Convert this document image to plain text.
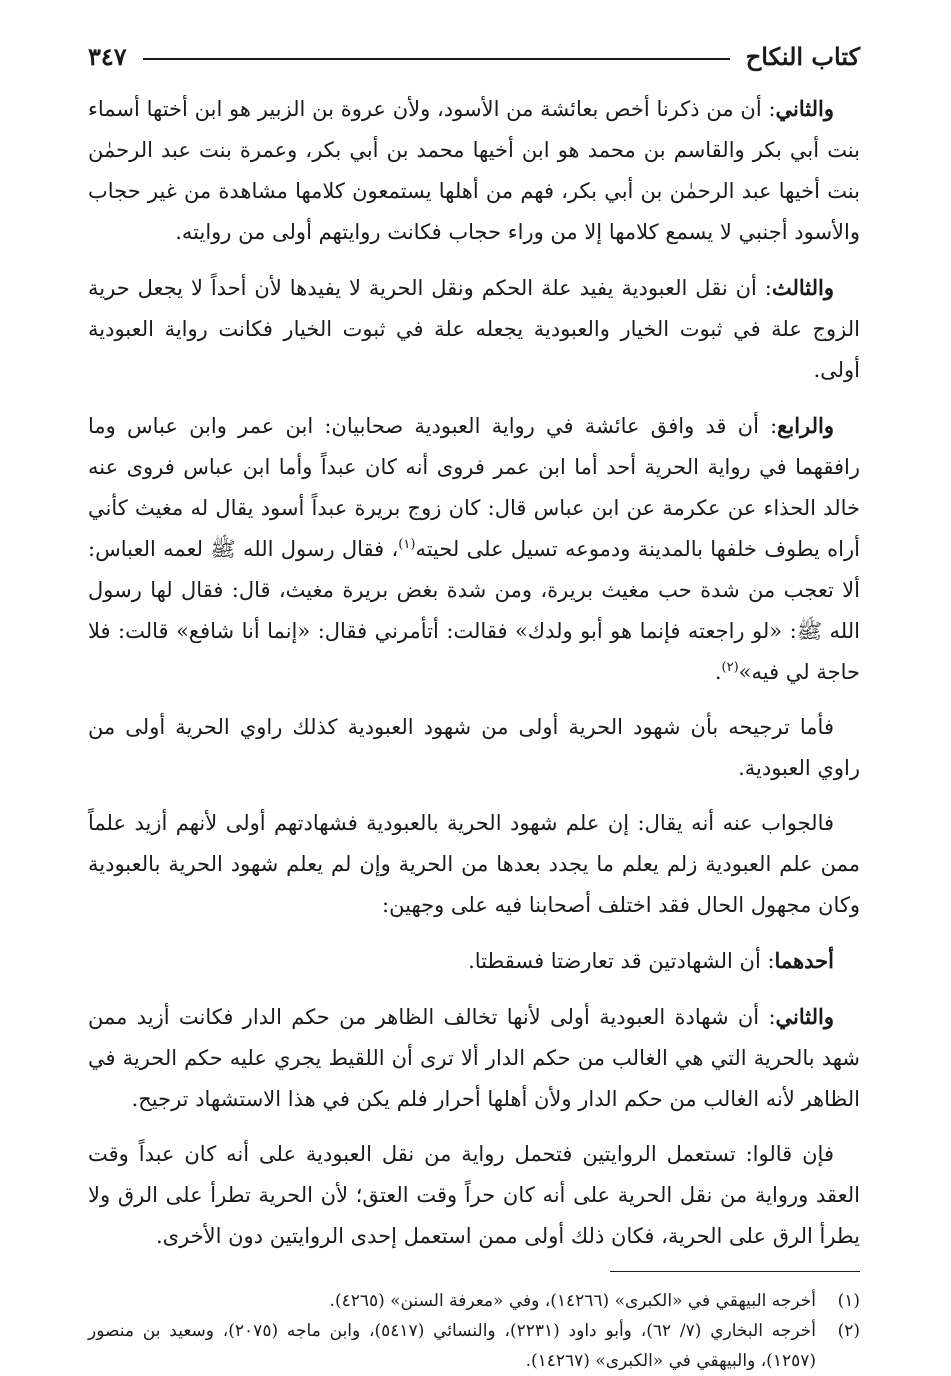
كتاب النكاح
٣٤٧

والثاني: أن من ذكرنا أخص بعائشة من الأسود، ولأن عروة بن الزبير هو ابن أختها أسماء بنت أبي بكر والقاسم بن محمد هو ابن أخيها محمد بن أبي بكر، وعمرة بنت عبد الرحمٰن بنت أخيها عبد الرحمٰن بن أبي بكر، فهم من أهلها يستمعون كلامها مشاهدة من غير حجاب والأسود أجنبي لا يسمع كلامها إلا من وراء حجاب فكانت روايتهم أولى من روايته.

والثالث: أن نقل العبودية يفيد علة الحكم ونقل الحرية لا يفيدها لأن أحداً لا يجعل حرية الزوج علة في ثبوت الخيار والعبودية يجعله علة في ثبوت الخيار فكانت رواية العبودية أولى.

والرابع: أن قد وافق عائشة في رواية العبودية صحابيان: ابن عمر وابن عباس وما رافقهما في رواية الحرية أحد أما ابن عمر فروى أنه كان عبداً وأما ابن عباس فروى عنه خالد الحذاء عن عكرمة عن ابن عباس قال: كان زوج بريرة عبداً أسود يقال له مغيث كأني أراه يطوف خلفها بالمدينة ودموعه تسيل على لحيته$^{(١)}$، فقال رسول الله ﷺ لعمه العباس: ألا تعجب من شدة حب مغيث بريرة، ومن شدة بغض بريرة مغيث، قال: فقال لها رسول الله ﷺ: «لو راجعته فإنما هو أبو ولدك» فقالت: أتأمرني فقال: «إنما أنا شافع» قالت: فلا حاجة لي فيه»$^{(٢)}$.

فأما ترجيحه بأن شهود الحرية أولى من شهود العبودية كذلك راوي الحرية أولى من راوي العبودية.

فالجواب عنه أنه يقال: إن علم شهود الحرية بالعبودية فشهادتهم أولى لأنهم أزيد علماً ممن علم العبودية زلم يعلم ما يجدد بعدها من الحرية وإن لم يعلم شهود الحرية بالعبودية وكان مجهول الحال فقد اختلف أصحابنا فيه على وجهين:

أحدهما: أن الشهادتين قد تعارضتا فسقطتا.

والثاني: أن شهادة العبودية أولى لأنها تخالف الظاهر من حكم الدار فكانت أزيد ممن شهد بالحرية التي هي الغالب من حكم الدار ألا ترى أن اللقيط يجري عليه حكم الحرية في الظاهر لأنه الغالب من حكم الدار ولأن أهلها أحرار فلم يكن في هذا الاستشهاد ترجيح.

فإن قالوا: تستعمل الروايتين فتحمل رواية من نقل العبودية على أنه كان عبداً وقت العقد ورواية من نقل الحرية على أنه كان حراً وقت العتق؛ لأن الحرية تطرأ على الرق ولا يطرأ الرق على الحرية، فكان ذلك أولى ممن استعمل إحدى الروايتين دون الأخرى.

(١)
أخرجه البيهقي في «الكبرى» (١٤٢٦٦)، وفي «معرفة السنن» (٤٢٦٥).
(٢)
أخرجه البخاري (٧/ ٦٢)، وأبو داود (٢٢٣١)، والنسائي (٥٤١٧)، وابن ماجه (٢٠٧٥)، وسعيد بن منصور (١٢٥٧)، والبيهقي في «الكبرى» (١٤٢٦٧).
